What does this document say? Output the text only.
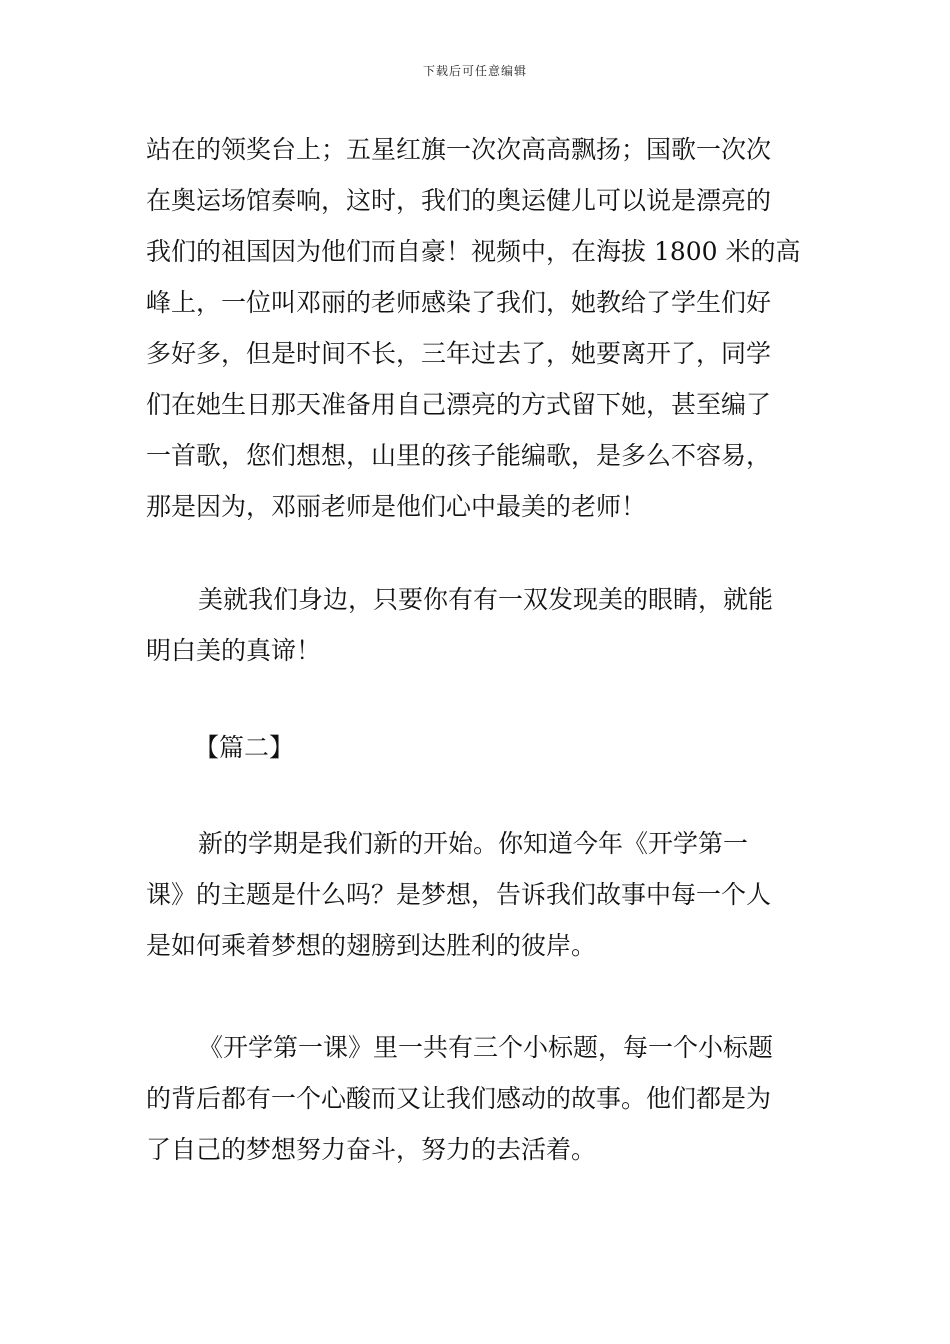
下载后可任意编辑
站在的领奖台上；五星红旗一次次高高飘扬；国歌一次次
在奥运场馆奏响，这时，我们的奥运健儿可以说是漂亮的
我们的祖国因为他们而自豪！视频中，在海拔 1800 米的高
峰上，一位叫邓丽的老师感染了我们，她教给了学生们好
多好多，但是时间不长，三年过去了，她要离开了，同学
们在她生日那天准备用自己漂亮的方式留下她，甚至编了
一首歌，您们想想，山里的孩子能编歌，是多么不容易，
那是因为，邓丽老师是他们心中最美的老师！
美就我们身边，只要你有有一双发现美的眼睛，就能
明白美的真谛！
【篇二】
新的学期是我们新的开始。你知道今年《开学第一
课》的主题是什么吗？是梦想，告诉我们故事中每一个人
是如何乘着梦想的翅膀到达胜利的彼岸。
《开学第一课》里一共有三个小标题，每一个小标题
的背后都有一个心酸而又让我们感动的故事。他们都是为
了自己的梦想努力奋斗，努力的去活着。
